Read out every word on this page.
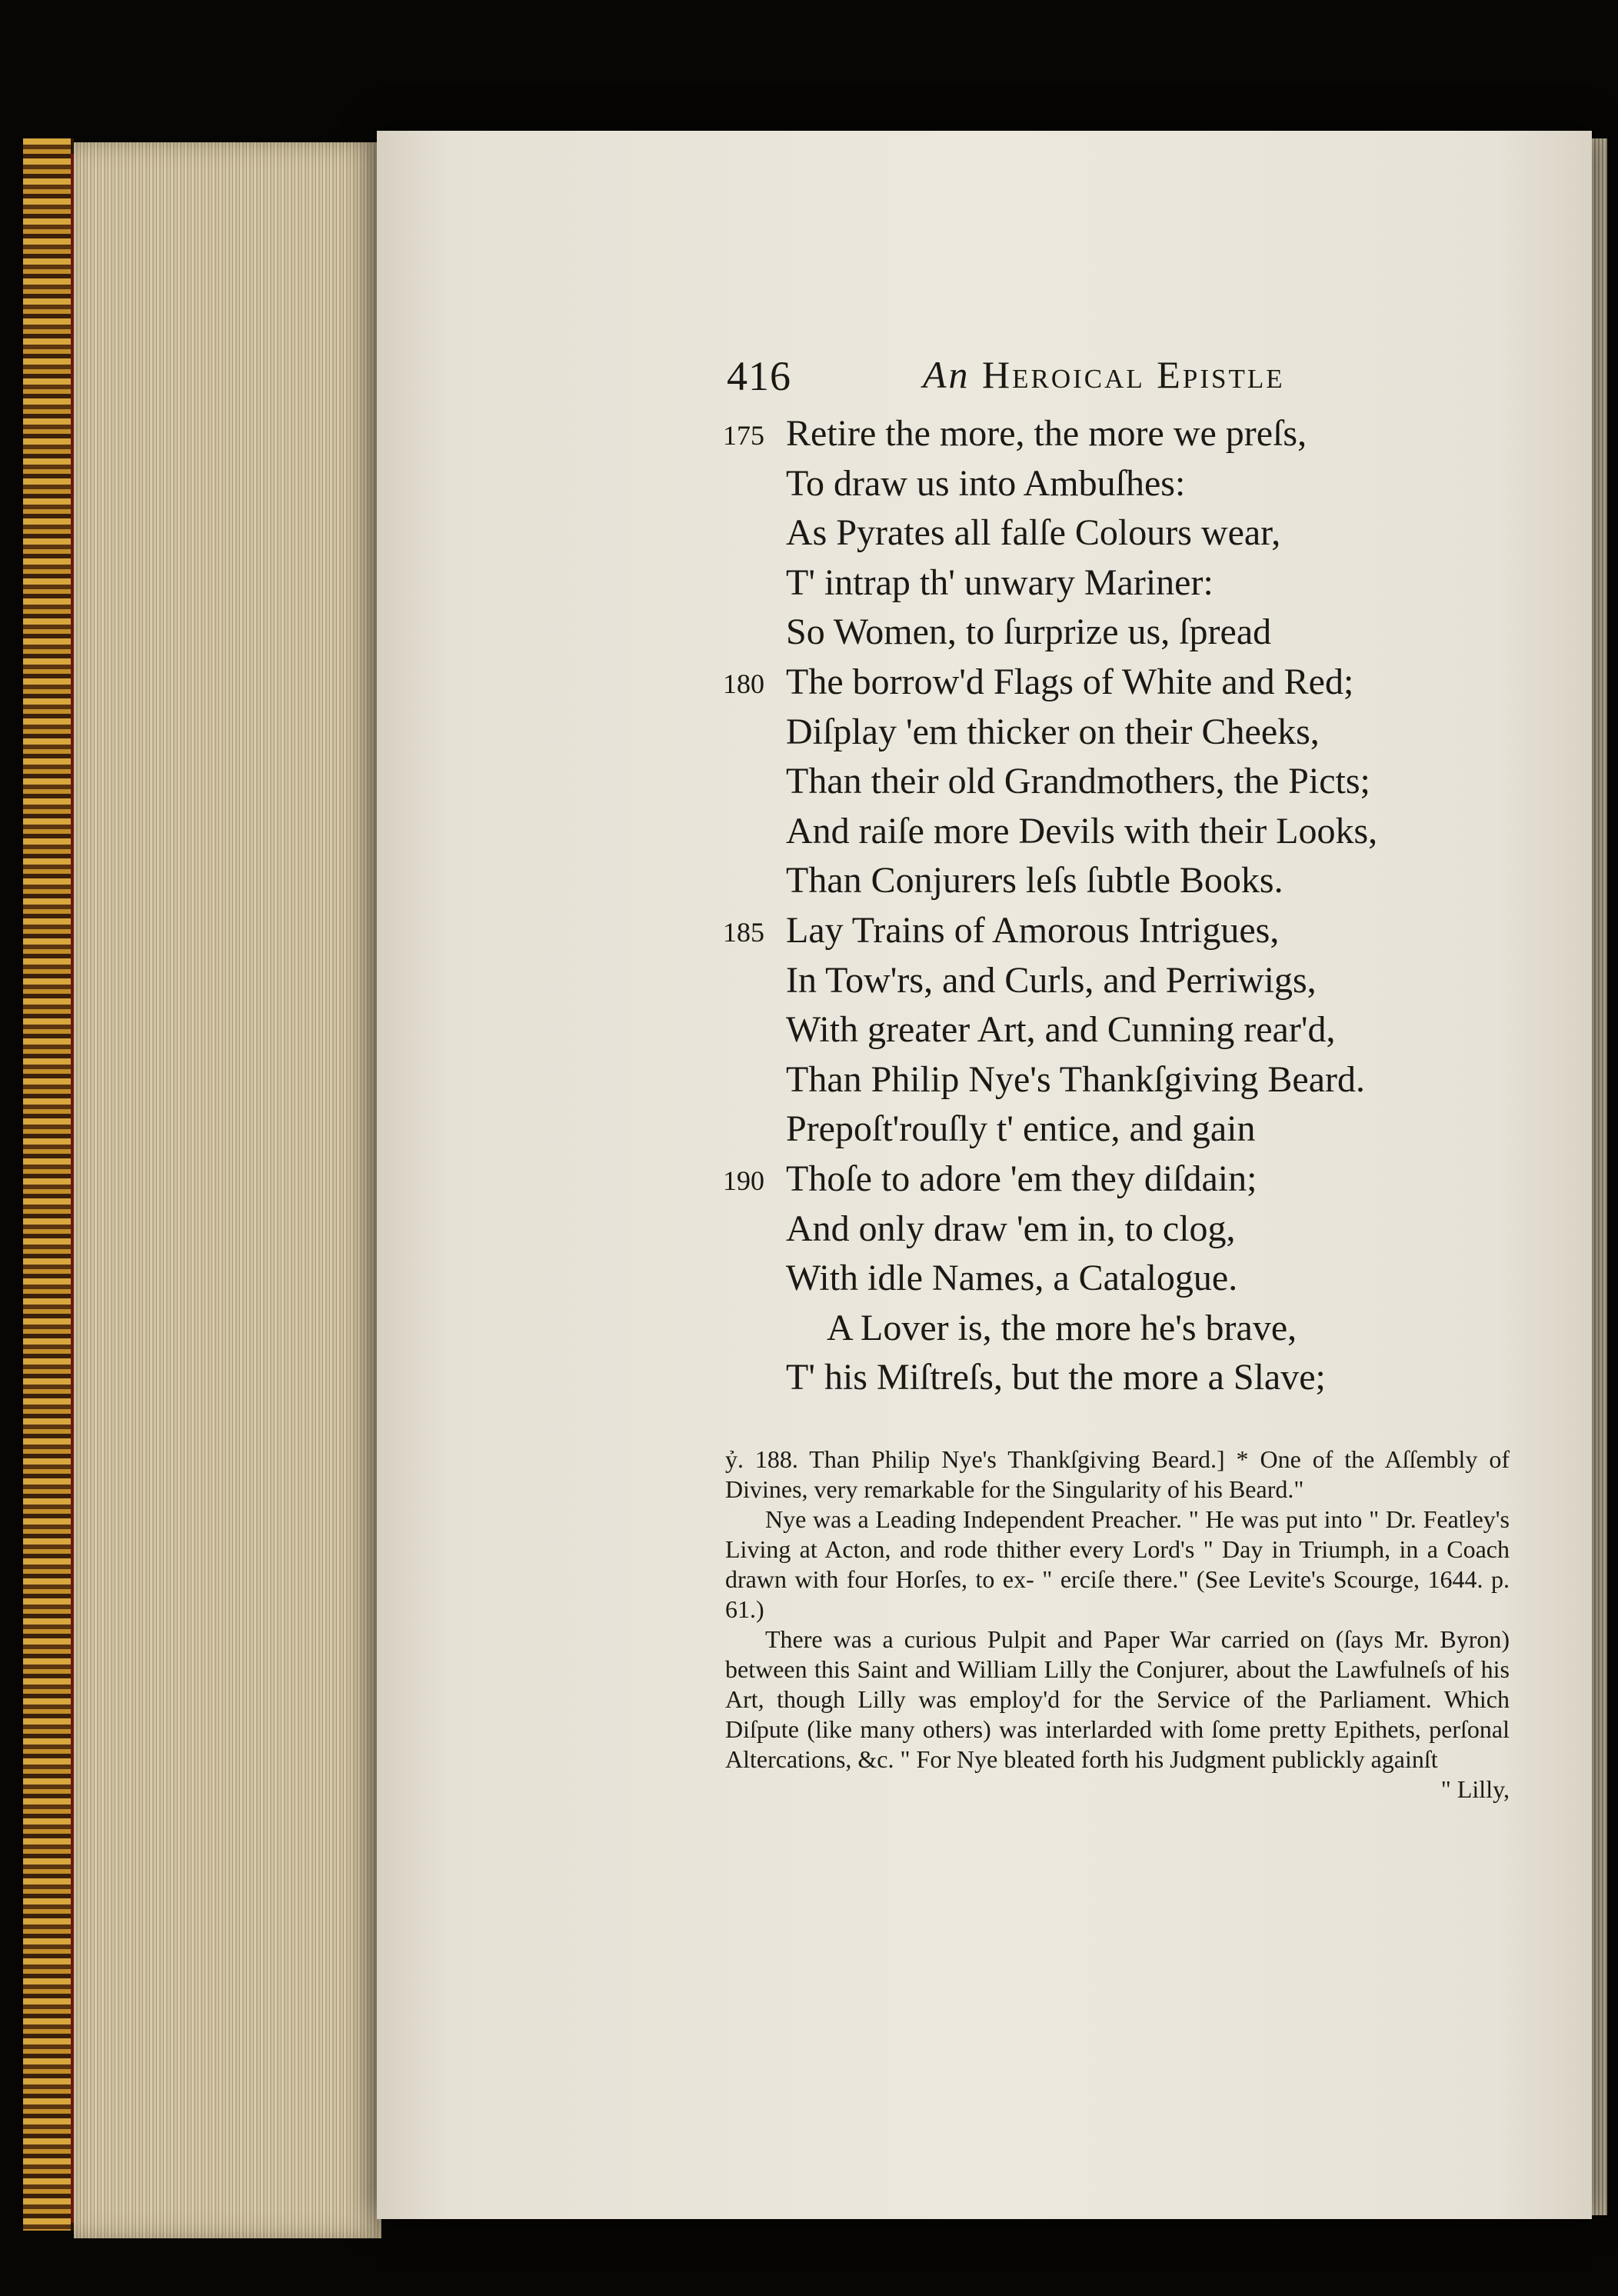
416	An Heroical Epistle
175 Retire the more, the more we preſs,
To draw us into Ambuſhes:
As Pyrates all falſe Colours wear,
T' intrap th' unwary Mariner:
So Women, to ſurprize us, ſpread
180 The borrow'd Flags of White and Red;
Diſplay 'em thicker on their Cheeks,
Than their old Grandmothers, the Picts;
And raiſe more Devils with their Looks,
Than Conjurers leſs ſubtle Books.
185 Lay Trains of Amorous Intrigues,
In Tow'rs, and Curls, and Perriwigs,
With greater Art, and Cunning rear'd,
Than Philip Nye's Thankſgiving Beard.
Prepoſt'rouſly t' entice, and gain
190 Thoſe to adore 'em they diſdain;
And only draw 'em in, to clog,
With idle Names, a Catalogue.
A Lover is, the more he's brave,
T' his Miſtreſs, but the more a Slave;

ỷ. 188. Than Philip Nye's Thankſgiving Beard.] * One of the Aſſembly of Divines, very remarkable for the Singularity of his Beard."

Nye was a Leading Independent Preacher. " He was put into " Dr. Featley's Living at Acton, and rode thither every Lord's " Day in Triumph, in a Coach drawn with four Horſes, to ex- " erciſe there." (See Levite's Scourge, 1644. p. 61.)

There was a curious Pulpit and Paper War carried on (ſays Mr. Byron) between this Saint and William Lilly the Conjurer, about the Lawfulneſs of his Art, though Lilly was employ'd for the Service of the Parliament. Which Diſpute (like many others) was interlarded with ſome pretty Epithets, perſonal Altercations, &c. " For Nye bleated forth his Judgment publickly againſt

" Lilly,
